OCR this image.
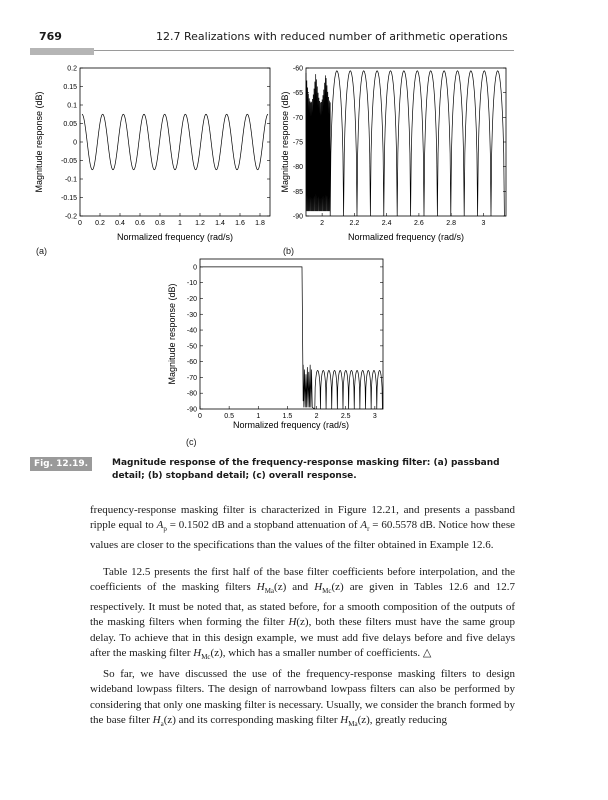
769	12.7 Realizations with reduced number of arithmetic operations
0 0.2 0.4 0.6 0.8 1 1.2 1.4 1.6 1.8
0.2
0.15
0.1
0.05
0
-0.05
-0.1
-0.15
-0.2
Normalized frequency (rad/s)
Magnitude response (dB)
(a)
2	2.2	2.4	2.6	2.8	3
-60
-65
-70
-75
-80
-85
-90
Normalized frequency (rad/s)
Magnitude response (dB)
(b)
0	0.5	1	1.5	2	2.5	3
0
-10
-20
-30
-40
-50
-60
-70
-80
-90
Normalized frequency (rad/s)
Magnitude response (dB)
(c)
Fig. 12.19.	Magnitude response of the frequency-response masking filter: (a) passband detail; (b) stopband detail; (c) overall response.

frequency-response masking filter is characterized in Figure 12.21, and presents a passband ripple equal to $A_p = 0.1502$ dB and a stopband attenuation of $A_r = 60.5578$ dB. Notice how these values are closer to the specifications than the values of the filter obtained in Example 12.6.

Table 12.5 presents the first half of the base filter coefficients before interpolation, and the coefficients of the masking filters $H_{Ma}(z)$ and $H_{Mc}(z)$ are given in Tables 12.6 and 12.7 respectively. It must be noted that, as stated before, for a smooth composition of the outputs of the masking filters when forming the filter H(z), both these filters must have the same group delay. To achieve that in this design example, we must add five delays before and five delays after the masking filter $H_{Mc}(z)$, which has a smaller number of coefficients. △

So far, we have discussed the use of the frequency-response masking filters to design wideband lowpass filters. The design of narrowband lowpass filters can also be performed by considering that only one masking filter is necessary. Usually, we consider the branch formed by the base filter $H_a(z)$ and its corresponding masking filter $H_{Ma}(z)$, greatly reducing
